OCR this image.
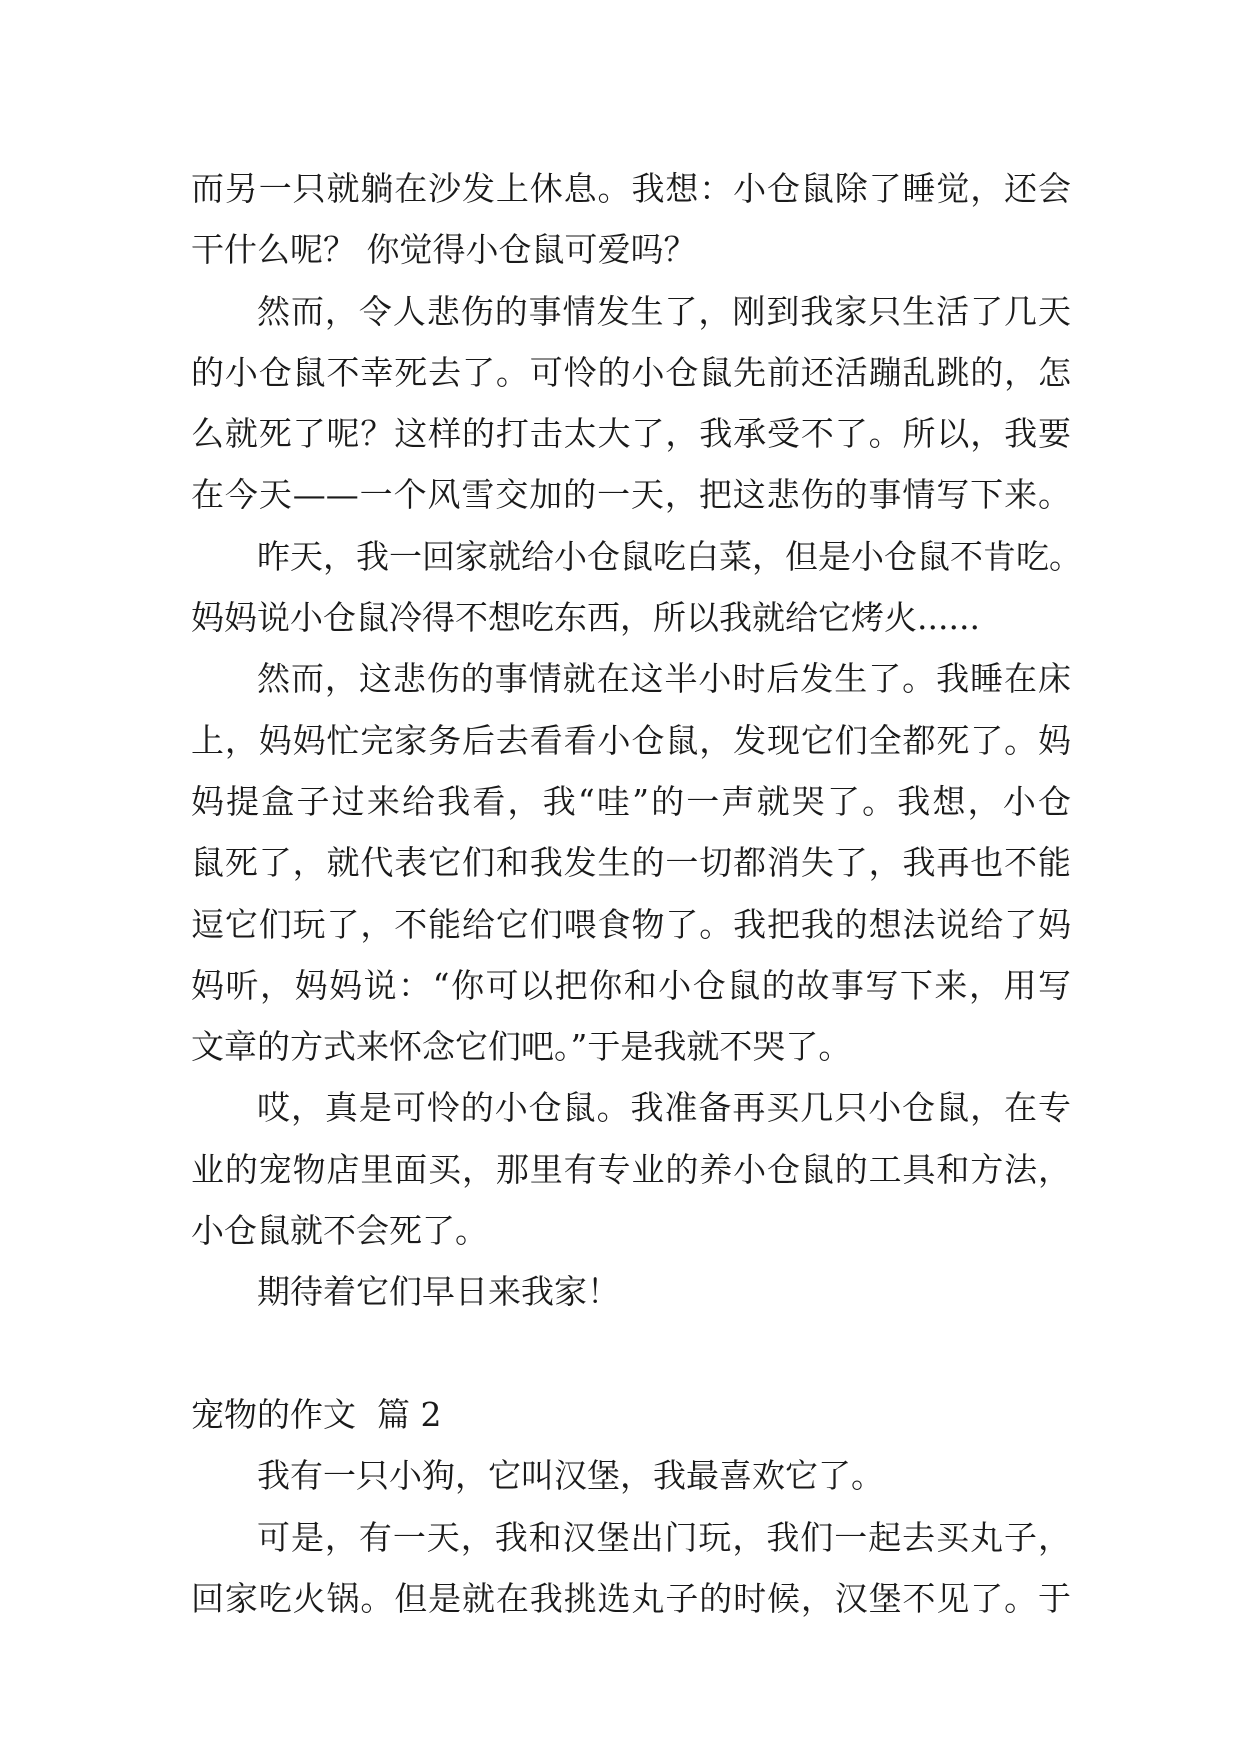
而另一只就躺在沙发上休息。我想：小仓鼠除了睡觉，还会
干什么呢？ 你觉得小仓鼠可爱吗？
然而，令人悲伤的事情发生了，刚到我家只生活了几天
的小仓鼠不幸死去了。可怜的小仓鼠先前还活蹦乱跳的，怎
么就死了呢？这样的打击太大了，我承受不了。所以，我要
在今天——一个风雪交加的一天，把这悲伤的事情写下来。
昨天，我一回家就给小仓鼠吃白菜，但是小仓鼠不肯吃。
妈妈说小仓鼠冷得不想吃东西，所以我就给它烤火......
然而，这悲伤的事情就在这半小时后发生了。我睡在床
上，妈妈忙完家务后去看看小仓鼠，发现它们全都死了。妈
妈提盒子过来给我看，我“哇”的一声就哭了。我想，小仓
鼠死了，就代表它们和我发生的一切都消失了，我再也不能
逗它们玩了，不能给它们喂食物了。我把我的想法说给了妈
妈听，妈妈说：“你可以把你和小仓鼠的故事写下来，用写
文章的方式来怀念它们吧。”于是我就不哭了。
哎，真是可怜的小仓鼠。我准备再买几只小仓鼠，在专
业的宠物店里面买，那里有专业的养小仓鼠的工具和方法，
小仓鼠就不会死了。
期待着它们早日来我家！
宠物的作文  篇 2
我有一只小狗，它叫汉堡，我最喜欢它了。
可是，有一天，我和汉堡出门玩，我们一起去买丸子，
回家吃火锅。但是就在我挑选丸子的时候，汉堡不见了。于
